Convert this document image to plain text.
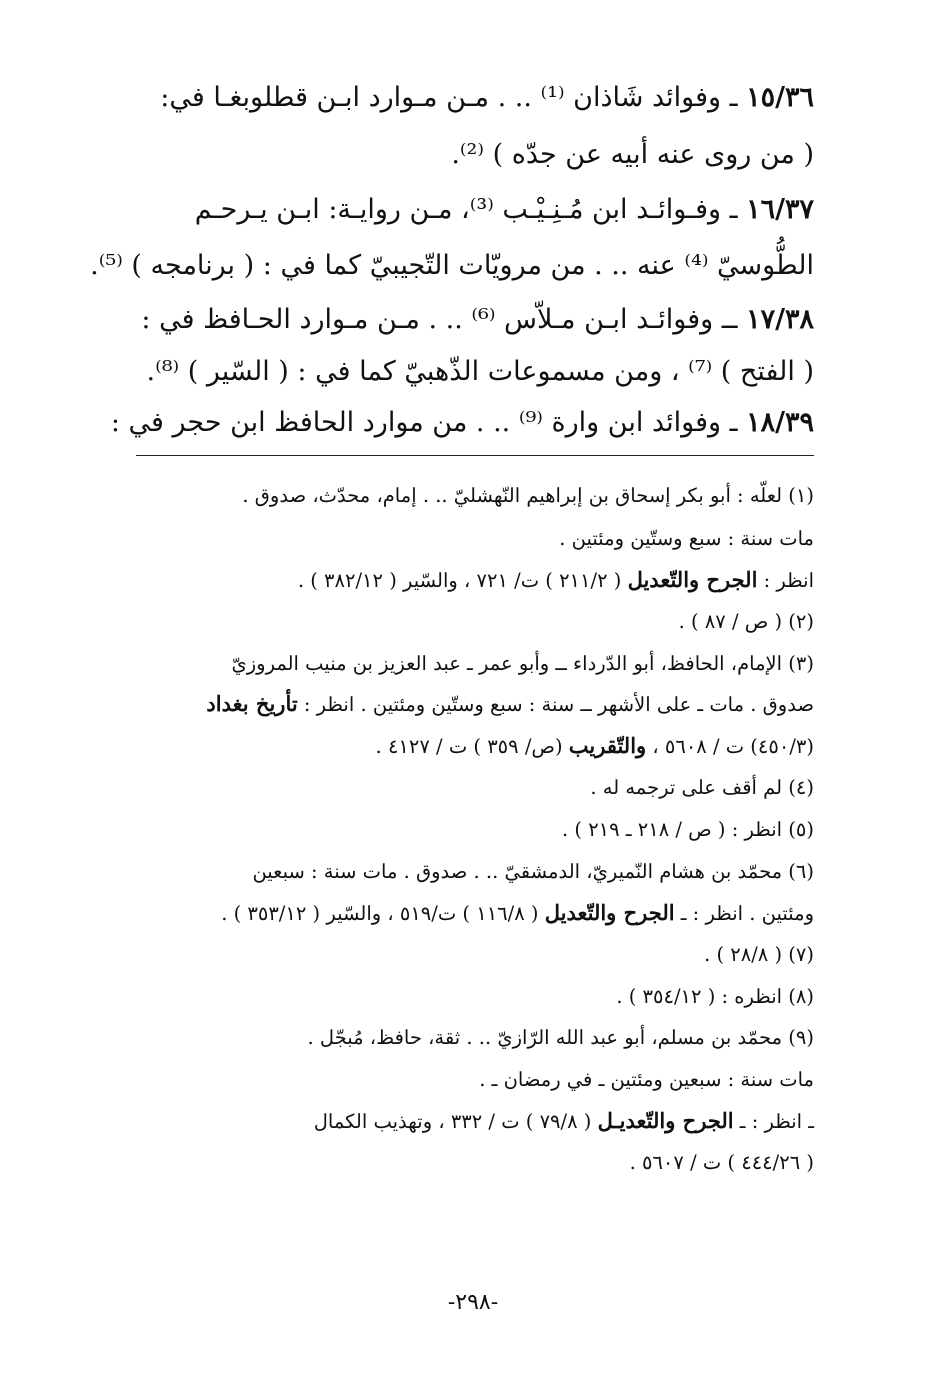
١٥/٣٦ ـ وفوائد شَاذان ⁽¹⁾ .. . مـن مـوارد ابـن قطلوبغـا في:
( من روى عنه أبيه عن جدّه ) ⁽²⁾.
١٦/٣٧ ـ وفـوائـد ابن مُـنِـيْـب ⁽³⁾، مـن روايـة: ابـن يـرحـم
الطُّوسيّ ⁽⁴⁾ عنه .. . من مرويّات التّجيبيّ كما في : ( برنامجه ) ⁽⁵⁾.
١٧/٣٨ ــ وفوائـد ابـن مـلاّس ⁽⁶⁾ .. . مـن مـوارد الحـافظ في :
( الفتح ) ⁽⁷⁾ ، ومن مسموعات الذّهبيّ كما في : ( السّير ) ⁽⁸⁾.
١٨/٣٩ ـ وفوائد ابن وارة ⁽⁹⁾ .. . من موارد الحافظ ابن حجر في :
(١) لعلّه : أبو بكر إسحاق بن إبراهيم النّهشليّ .. . إمام، محدّث، صدوق .
مات سنة : سبع وستّين ومئتين .
انظر : الجرح والتّعديل ( ٢١١/٢ ) ت/ ٧٢١ ، والسّير ( ٣٨٢/١٢ ) .
(٢) ( ص / ٨٧ ) .
(٣) الإمام، الحافظ، أبو الدّرداء ــ وأبو عمر ـ عبد العزيز بن منيب المروزيّ
صدوق . مات ـ على الأشهر ــ سنة : سبع وستّين ومئتين . انظر : تأريخ بغداد
(٤٥٠/٣) ت / ٥٦٠٨ ، والتّقريب (ص/ ٣٥٩ ) ت / ٤١٢٧ .
(٤) لم أقف على ترجمه له .
(٥) انظر : ( ص / ٢١٨ ـ ٢١٩ ) .
(٦) محمّد بن هشام النّميريّ، الدمشقيّ .. . صدوق . مات سنة : سبعين
ومئتين . انظر : ـ الجرح والتّعديل ( ١١٦/٨ ) ت/٥١٩ ، والسّير ( ٣٥٣/١٢ ) .
(٧) ( ٢٨/٨ ) .
(٨) انظره : ( ٣٥٤/١٢ ) .
(٩) محمّد بن مسلم، أبو عبد الله الرّازيّ .. . ثقة، حافظ، مُبجّل .
مات سنة : سبعين ومئتين ـ في رمضان ـ .
ـ انظر : ـ الجرح والتّعديـل ( ٧٩/٨ ) ت / ٣٣٢ ، وتهذيب الكمال
( ٤٤٤/٢٦ ) ت / ٥٦٠٧ .
-٢٩٨-
